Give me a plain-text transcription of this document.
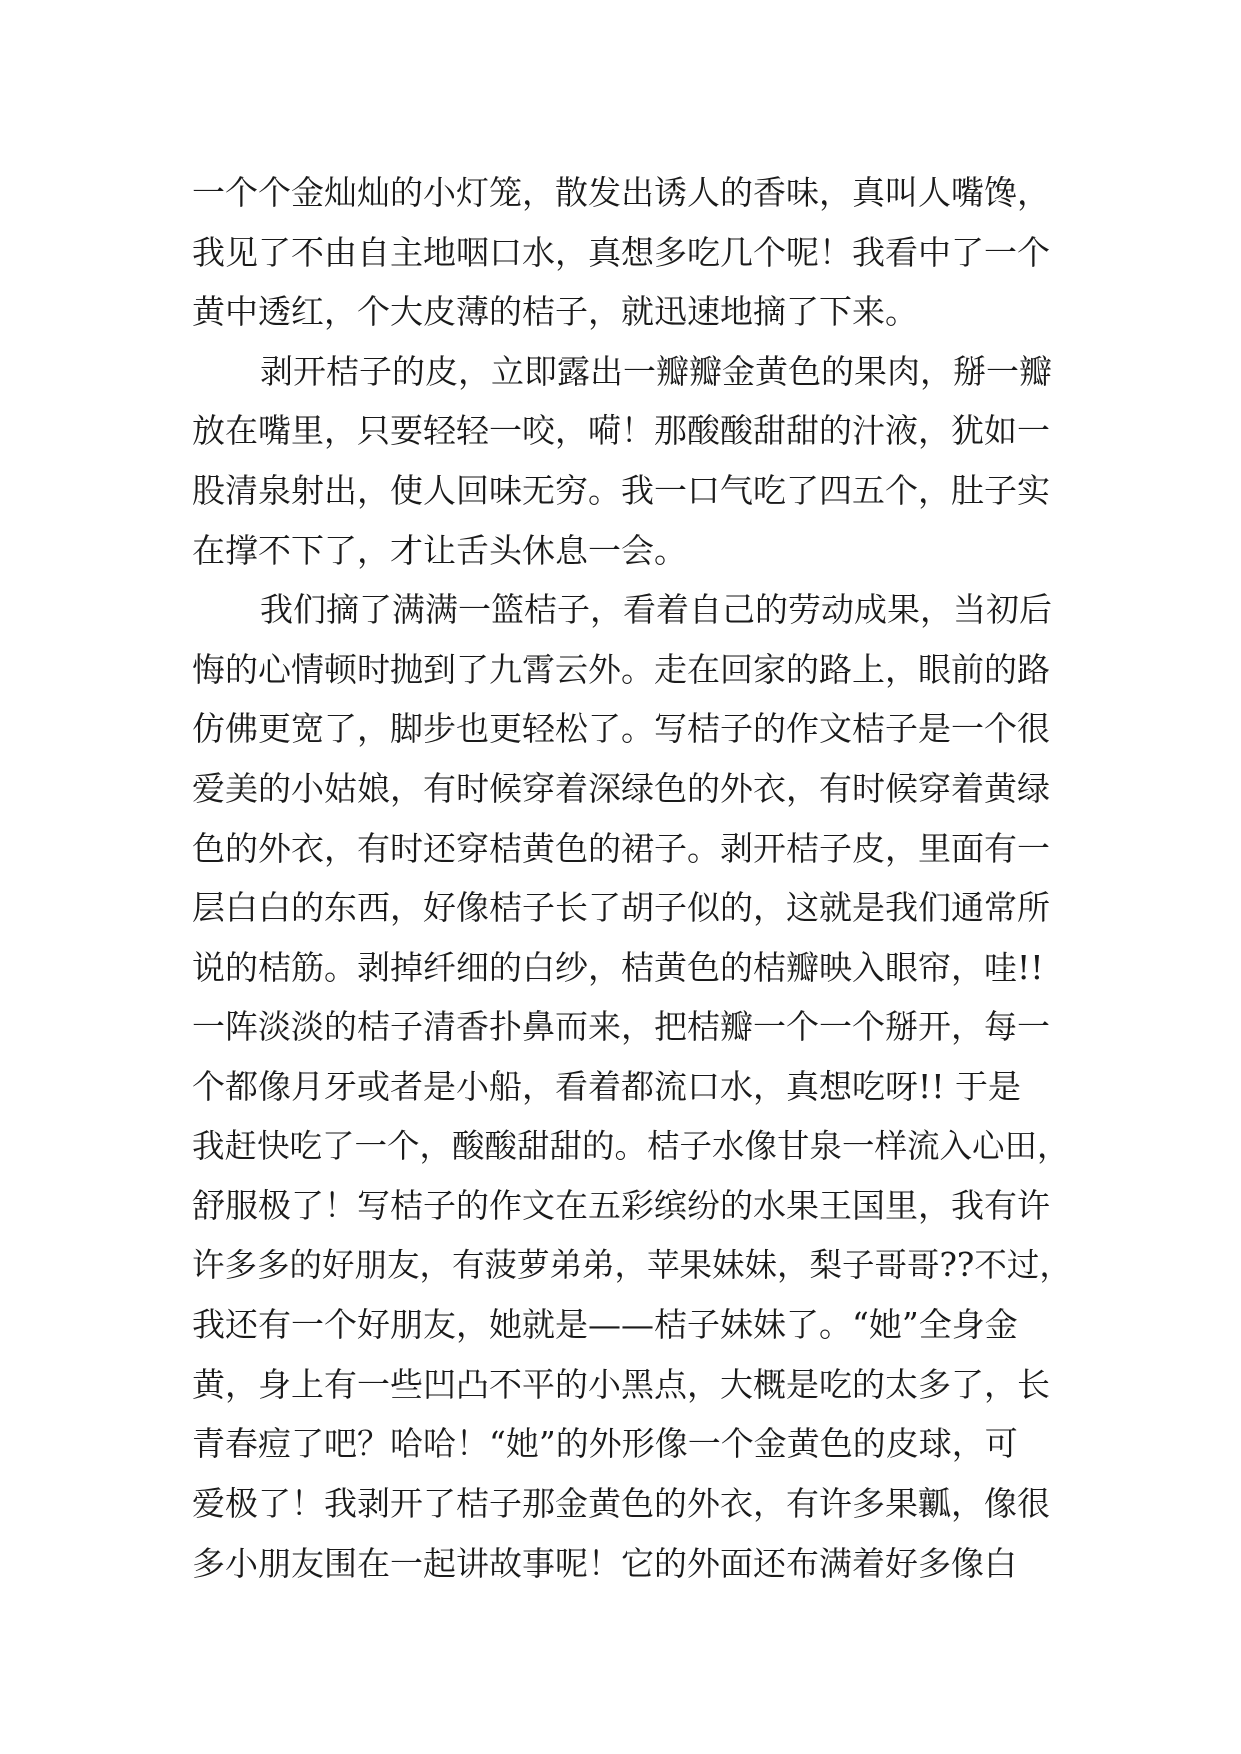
一个个金灿灿的小灯笼，散发出诱人的香味，真叫人嘴馋，
我见了不由自主地咽口水，真想多吃几个呢！我看中了一个
黄中透红，个大皮薄的桔子，就迅速地摘了下来。
剥开桔子的皮，立即露出一瓣瓣金黄色的果肉，掰一瓣
放在嘴里，只要轻轻一咬，嗬！那酸酸甜甜的汁液，犹如一
股清泉射出，使人回味无穷。我一口气吃了四五个，肚子实
在撑不下了，才让舌头休息一会。
我们摘了满满一篮桔子，看着自己的劳动成果，当初后
悔的心情顿时抛到了九霄云外。走在回家的路上，眼前的路
仿佛更宽了，脚步也更轻松了。写桔子的作文桔子是一个很
爱美的小姑娘，有时候穿着深绿色的外衣，有时候穿着黄绿
色的外衣，有时还穿桔黄色的裙子。剥开桔子皮，里面有一
层白白的东西，好像桔子长了胡子似的，这就是我们通常所
说的桔筋。剥掉纤细的白纱，桔黄色的桔瓣映入眼帘，哇!!
一阵淡淡的桔子清香扑鼻而来，把桔瓣一个一个掰开，每一
个都像月牙或者是小船，看着都流口水，真想吃呀!! 于是
我赶快吃了一个，酸酸甜甜的。桔子水像甘泉一样流入心田，
舒服极了！写桔子的作文在五彩缤纷的水果王国里，我有许
许多多的好朋友，有菠萝弟弟，苹果妹妹，梨子哥哥??不过，
我还有一个好朋友，她就是——桔子妹妹了。“她”全身金
黄，身上有一些凹凸不平的小黑点，大概是吃的太多了，长
青春痘了吧？哈哈！“她”的外形像一个金黄色的皮球，可
爱极了！我剥开了桔子那金黄色的外衣，有许多果瓤，像很
多小朋友围在一起讲故事呢！它的外面还布满着好多像白
